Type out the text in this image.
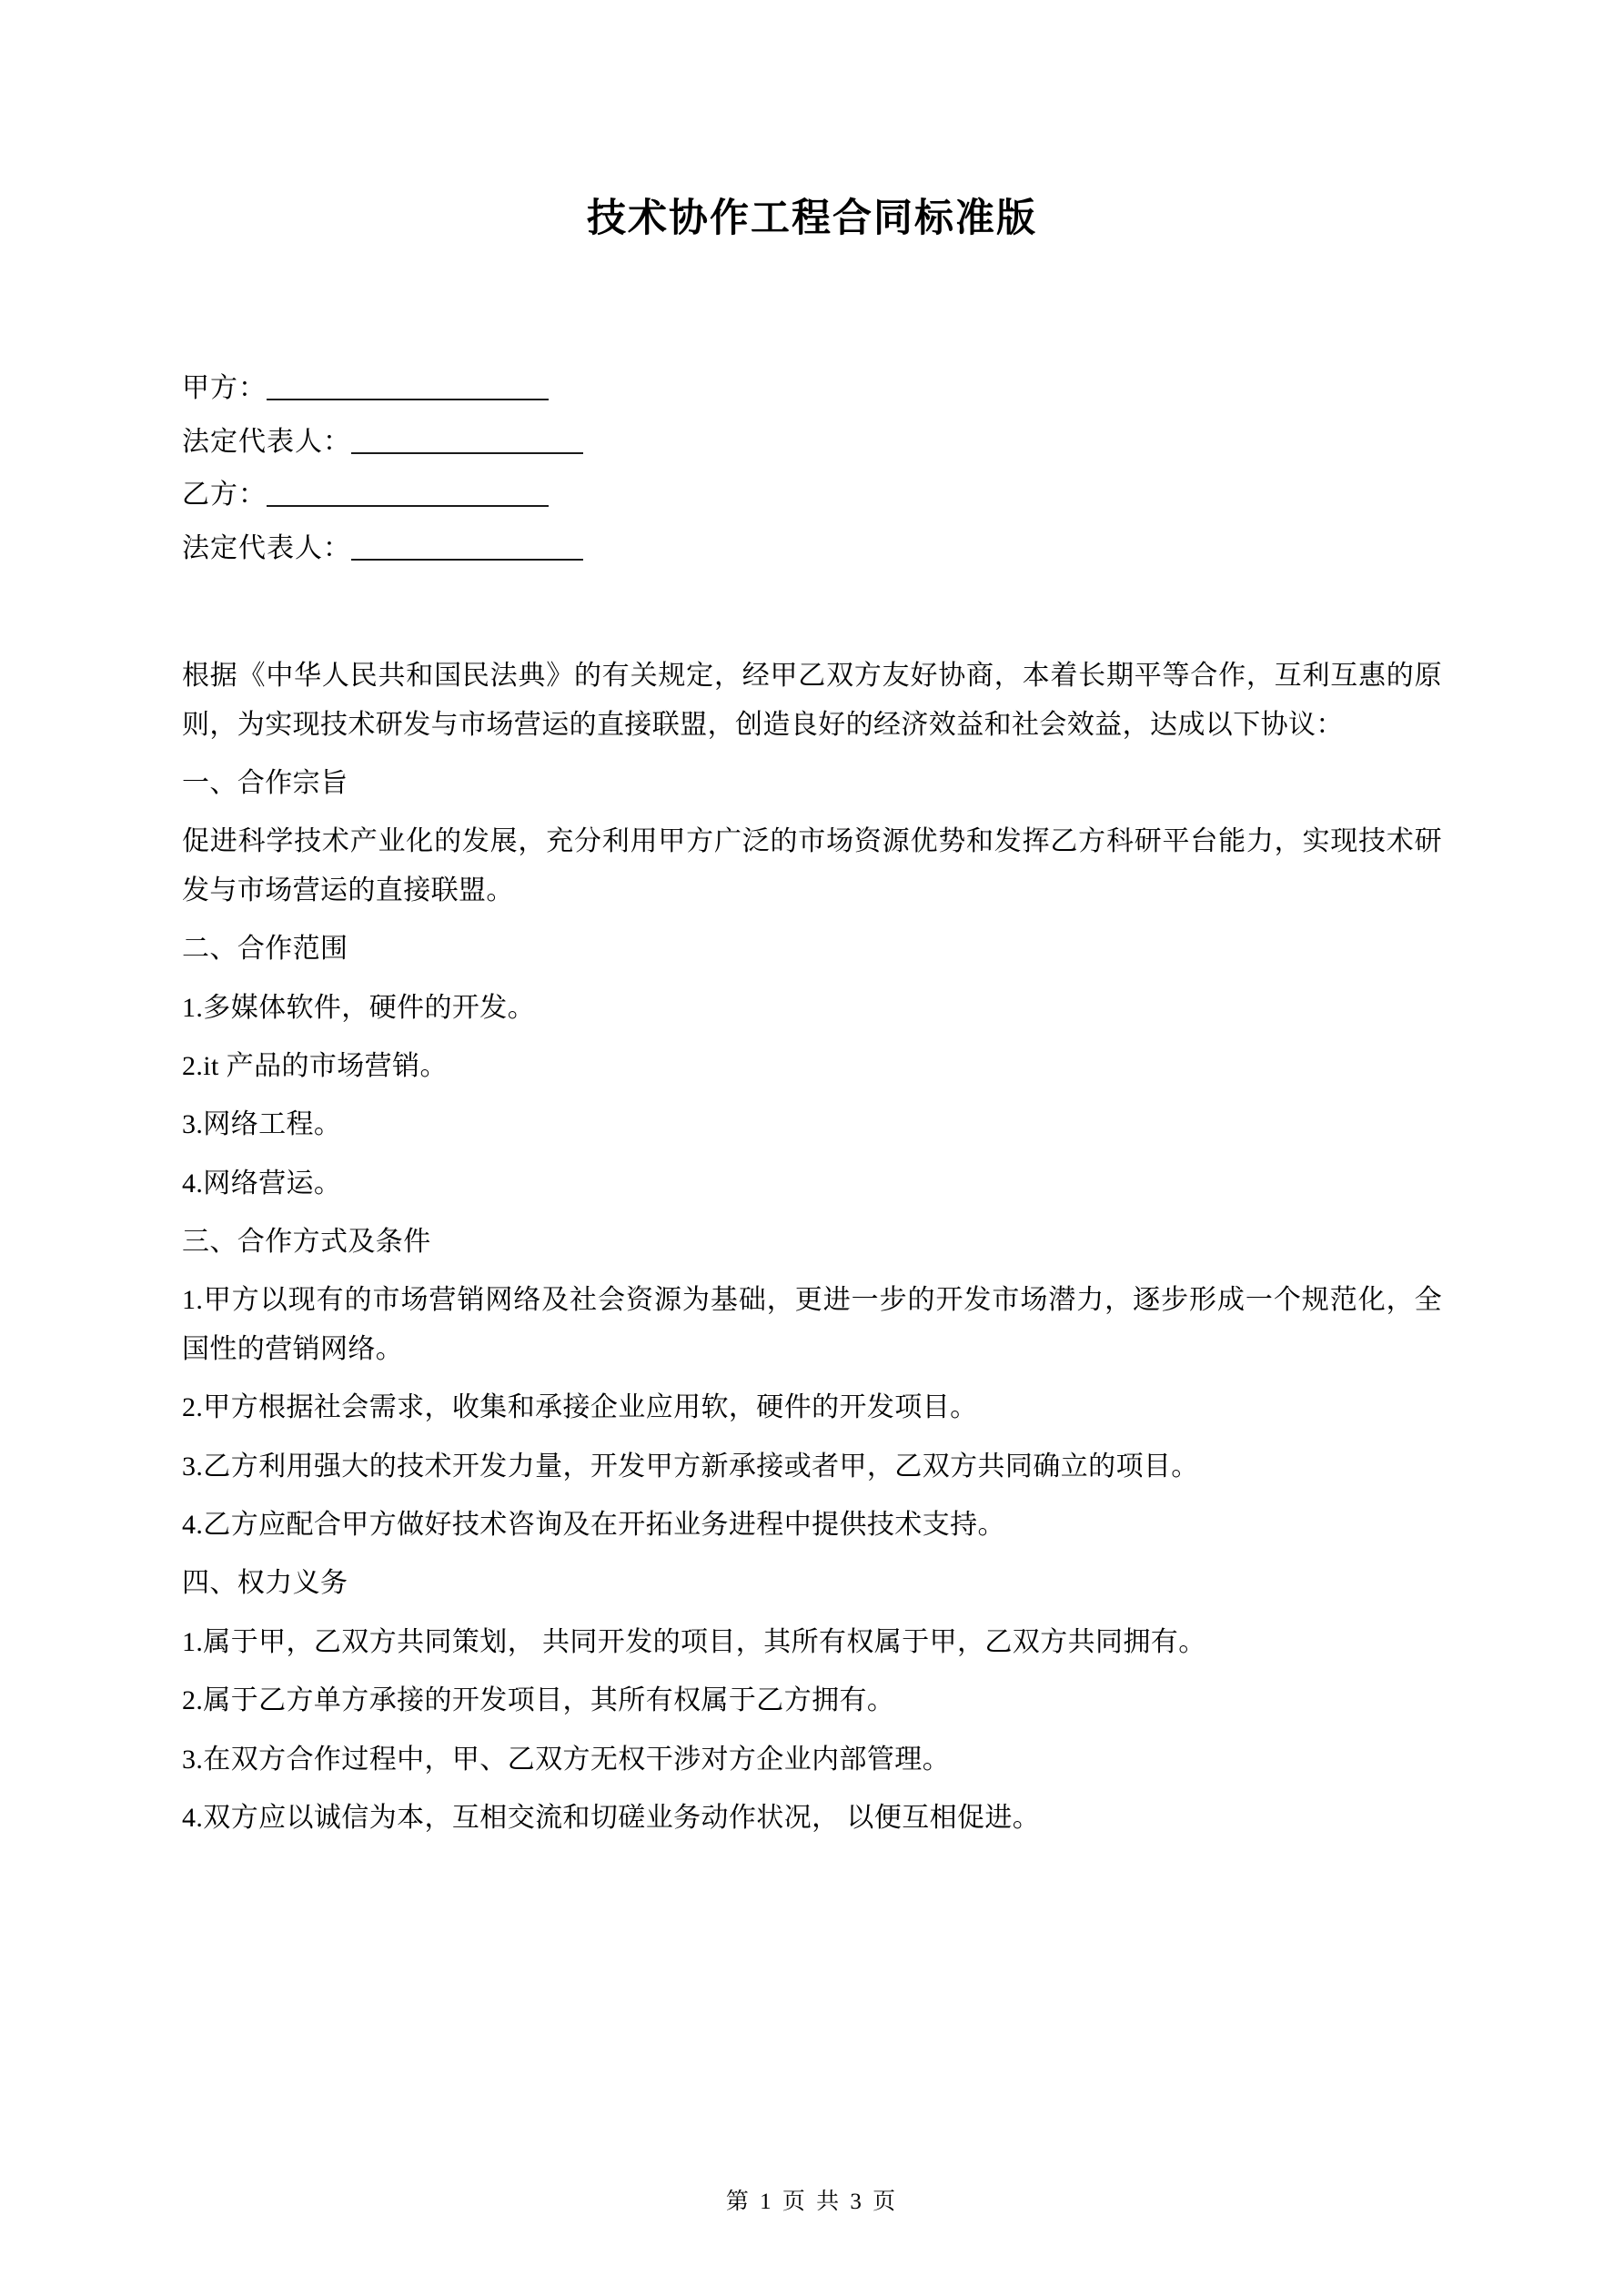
技术协作工程合同标准版
甲方：
法定代表人：
乙方：
法定代表人：

根据《中华人民共和国民法典》的有关规定，经甲乙双方友好协商，本着长期平等合作，互利互惠的原则，为实现技术研发与市场营运的直接联盟，创造良好的经济效益和社会效益，达成以下协议：

一、合作宗旨

促进科学技术产业化的发展，充分利用甲方广泛的市场资源优势和发挥乙方科研平台能力，实现技术研发与市场营运的直接联盟。

二、合作范围

1.多媒体软件，硬件的开发。

2.it 产品的市场营销。

3.网络工程。

4.网络营运。

三、合作方式及条件

1.甲方以现有的市场营销网络及社会资源为基础，更进一步的开发市场潜力，逐步形成一个规范化，全国性的营销网络。

2.甲方根据社会需求，收集和承接企业应用软，硬件的开发项目。

3.乙方利用强大的技术开发力量，开发甲方新承接或者甲，乙双方共同确立的项目。

4.乙方应配合甲方做好技术咨询及在开拓业务进程中提供技术支持。

四、权力义务

1.属于甲，乙双方共同策划， 共同开发的项目，其所有权属于甲，乙双方共同拥有。

2.属于乙方单方承接的开发项目，其所有权属于乙方拥有。

3.在双方合作过程中，甲、乙双方无权干涉对方企业内部管理。

4.双方应以诚信为本，互相交流和切磋业务动作状况， 以便互相促进。

第 1 页 共 3 页
